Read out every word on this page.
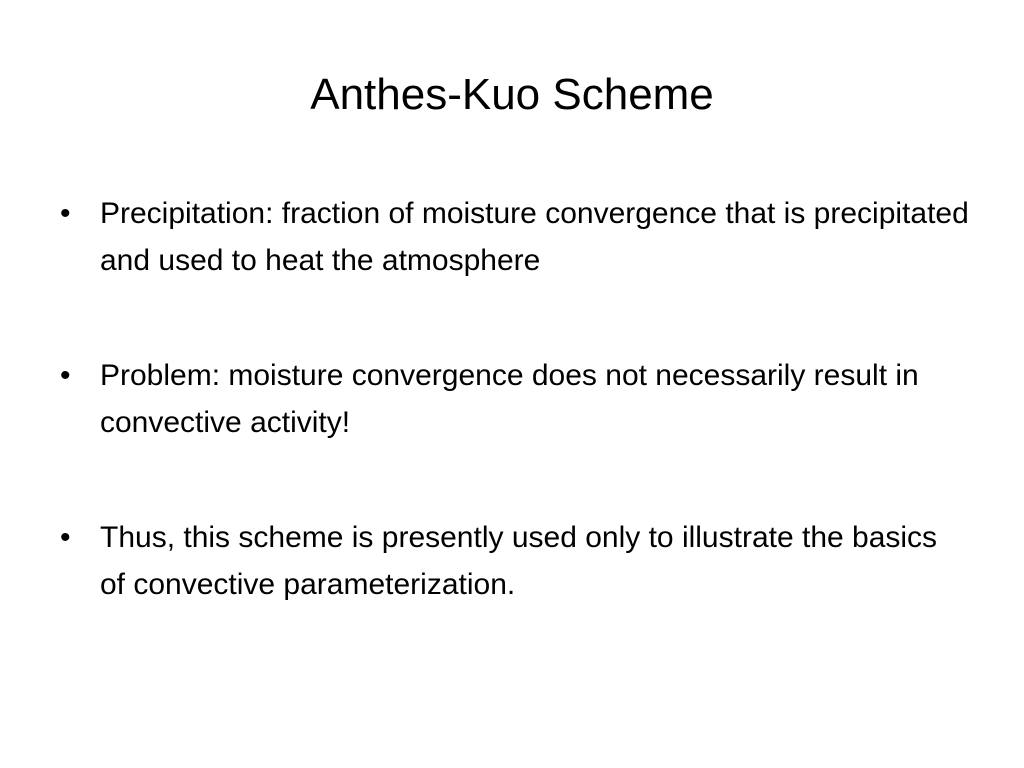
Anthes-Kuo Scheme
• Precipitation: fraction of moisture convergence that is precipitated and used to heat the atmosphere
• Problem: moisture convergence does not necessarily result in convective activity!
• Thus, this scheme is presently used only to illustrate the basics of convective parameterization.
